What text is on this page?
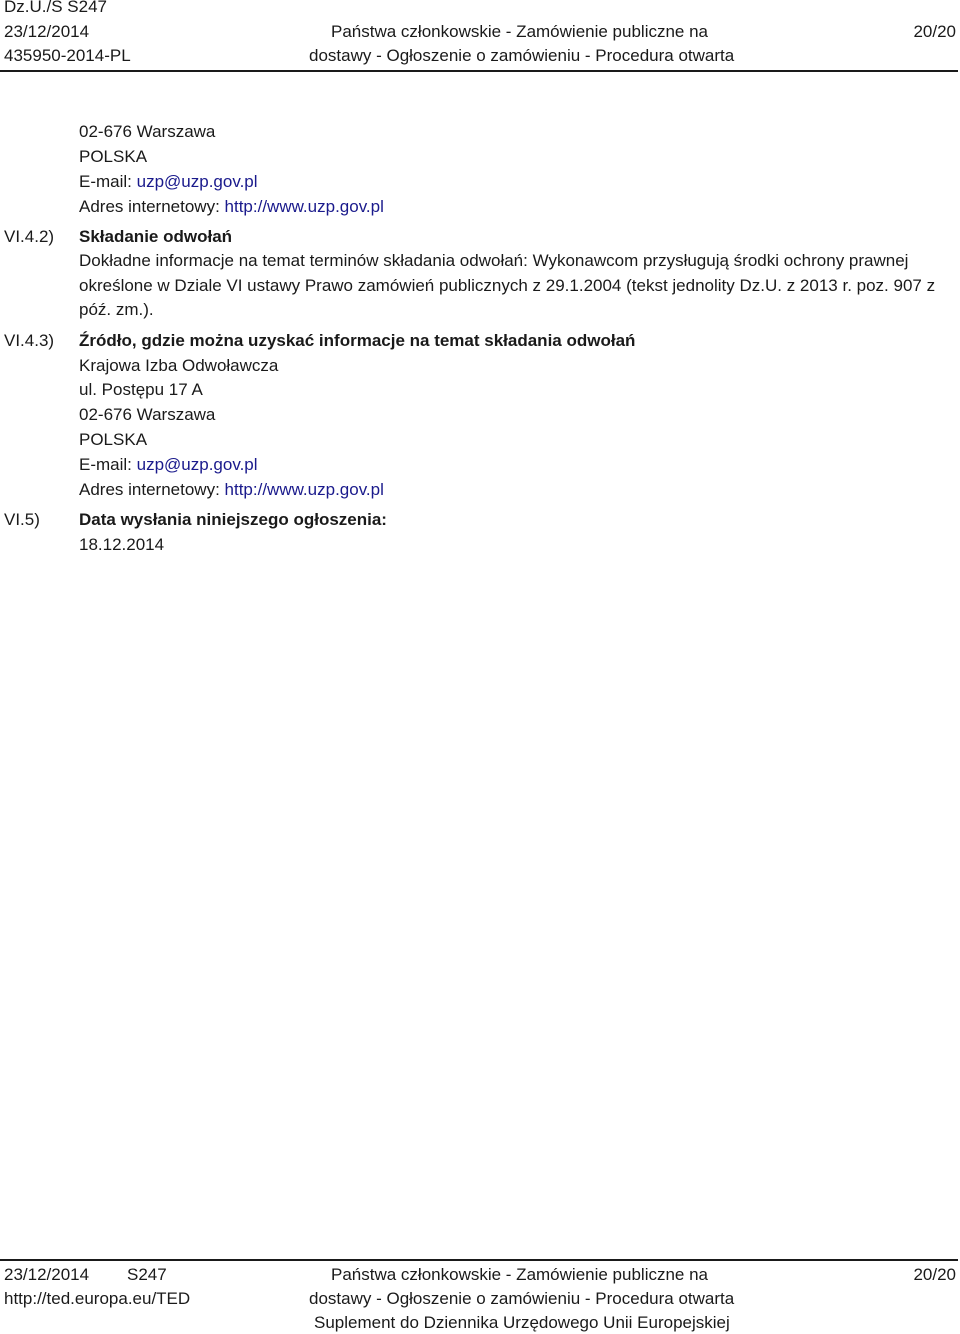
Dz.U./S S247
23/12/2014
435950-2014-PL
Państwa członkowskie - Zamówienie publiczne na
dostawy - Ogłoszenie o zamówieniu - Procedura otwarta
20/20
02-676 Warszawa
POLSKA
E-mail: uzp@uzp.gov.pl
Adres internetowy: http://www.uzp.gov.pl
VI.4.2) Składanie odwołań
Dokładne informacje na temat terminów składania odwołań: Wykonawcom przysługują środki ochrony prawnej określone w Dziale VI ustawy Prawo zamówień publicznych z 29.1.2004 (tekst jednolity Dz.U. z 2013 r. poz. 907 z póź. zm.).
VI.4.3) Źródło, gdzie można uzyskać informacje na temat składania odwołań
Krajowa Izba Odwoławcza
ul. Postępu 17 A
02-676 Warszawa
POLSKA
E-mail: uzp@uzp.gov.pl
Adres internetowy: http://www.uzp.gov.pl
VI.5) Data wysłania niniejszego ogłoszenia:
18.12.2014
23/12/2014 S247
http://ted.europa.eu/TED
Państwa członkowskie - Zamówienie publiczne na
dostawy - Ogłoszenie o zamówieniu - Procedura otwarta
Suplement do Dziennika Urzędowego Unii Europejskiej
20/20
